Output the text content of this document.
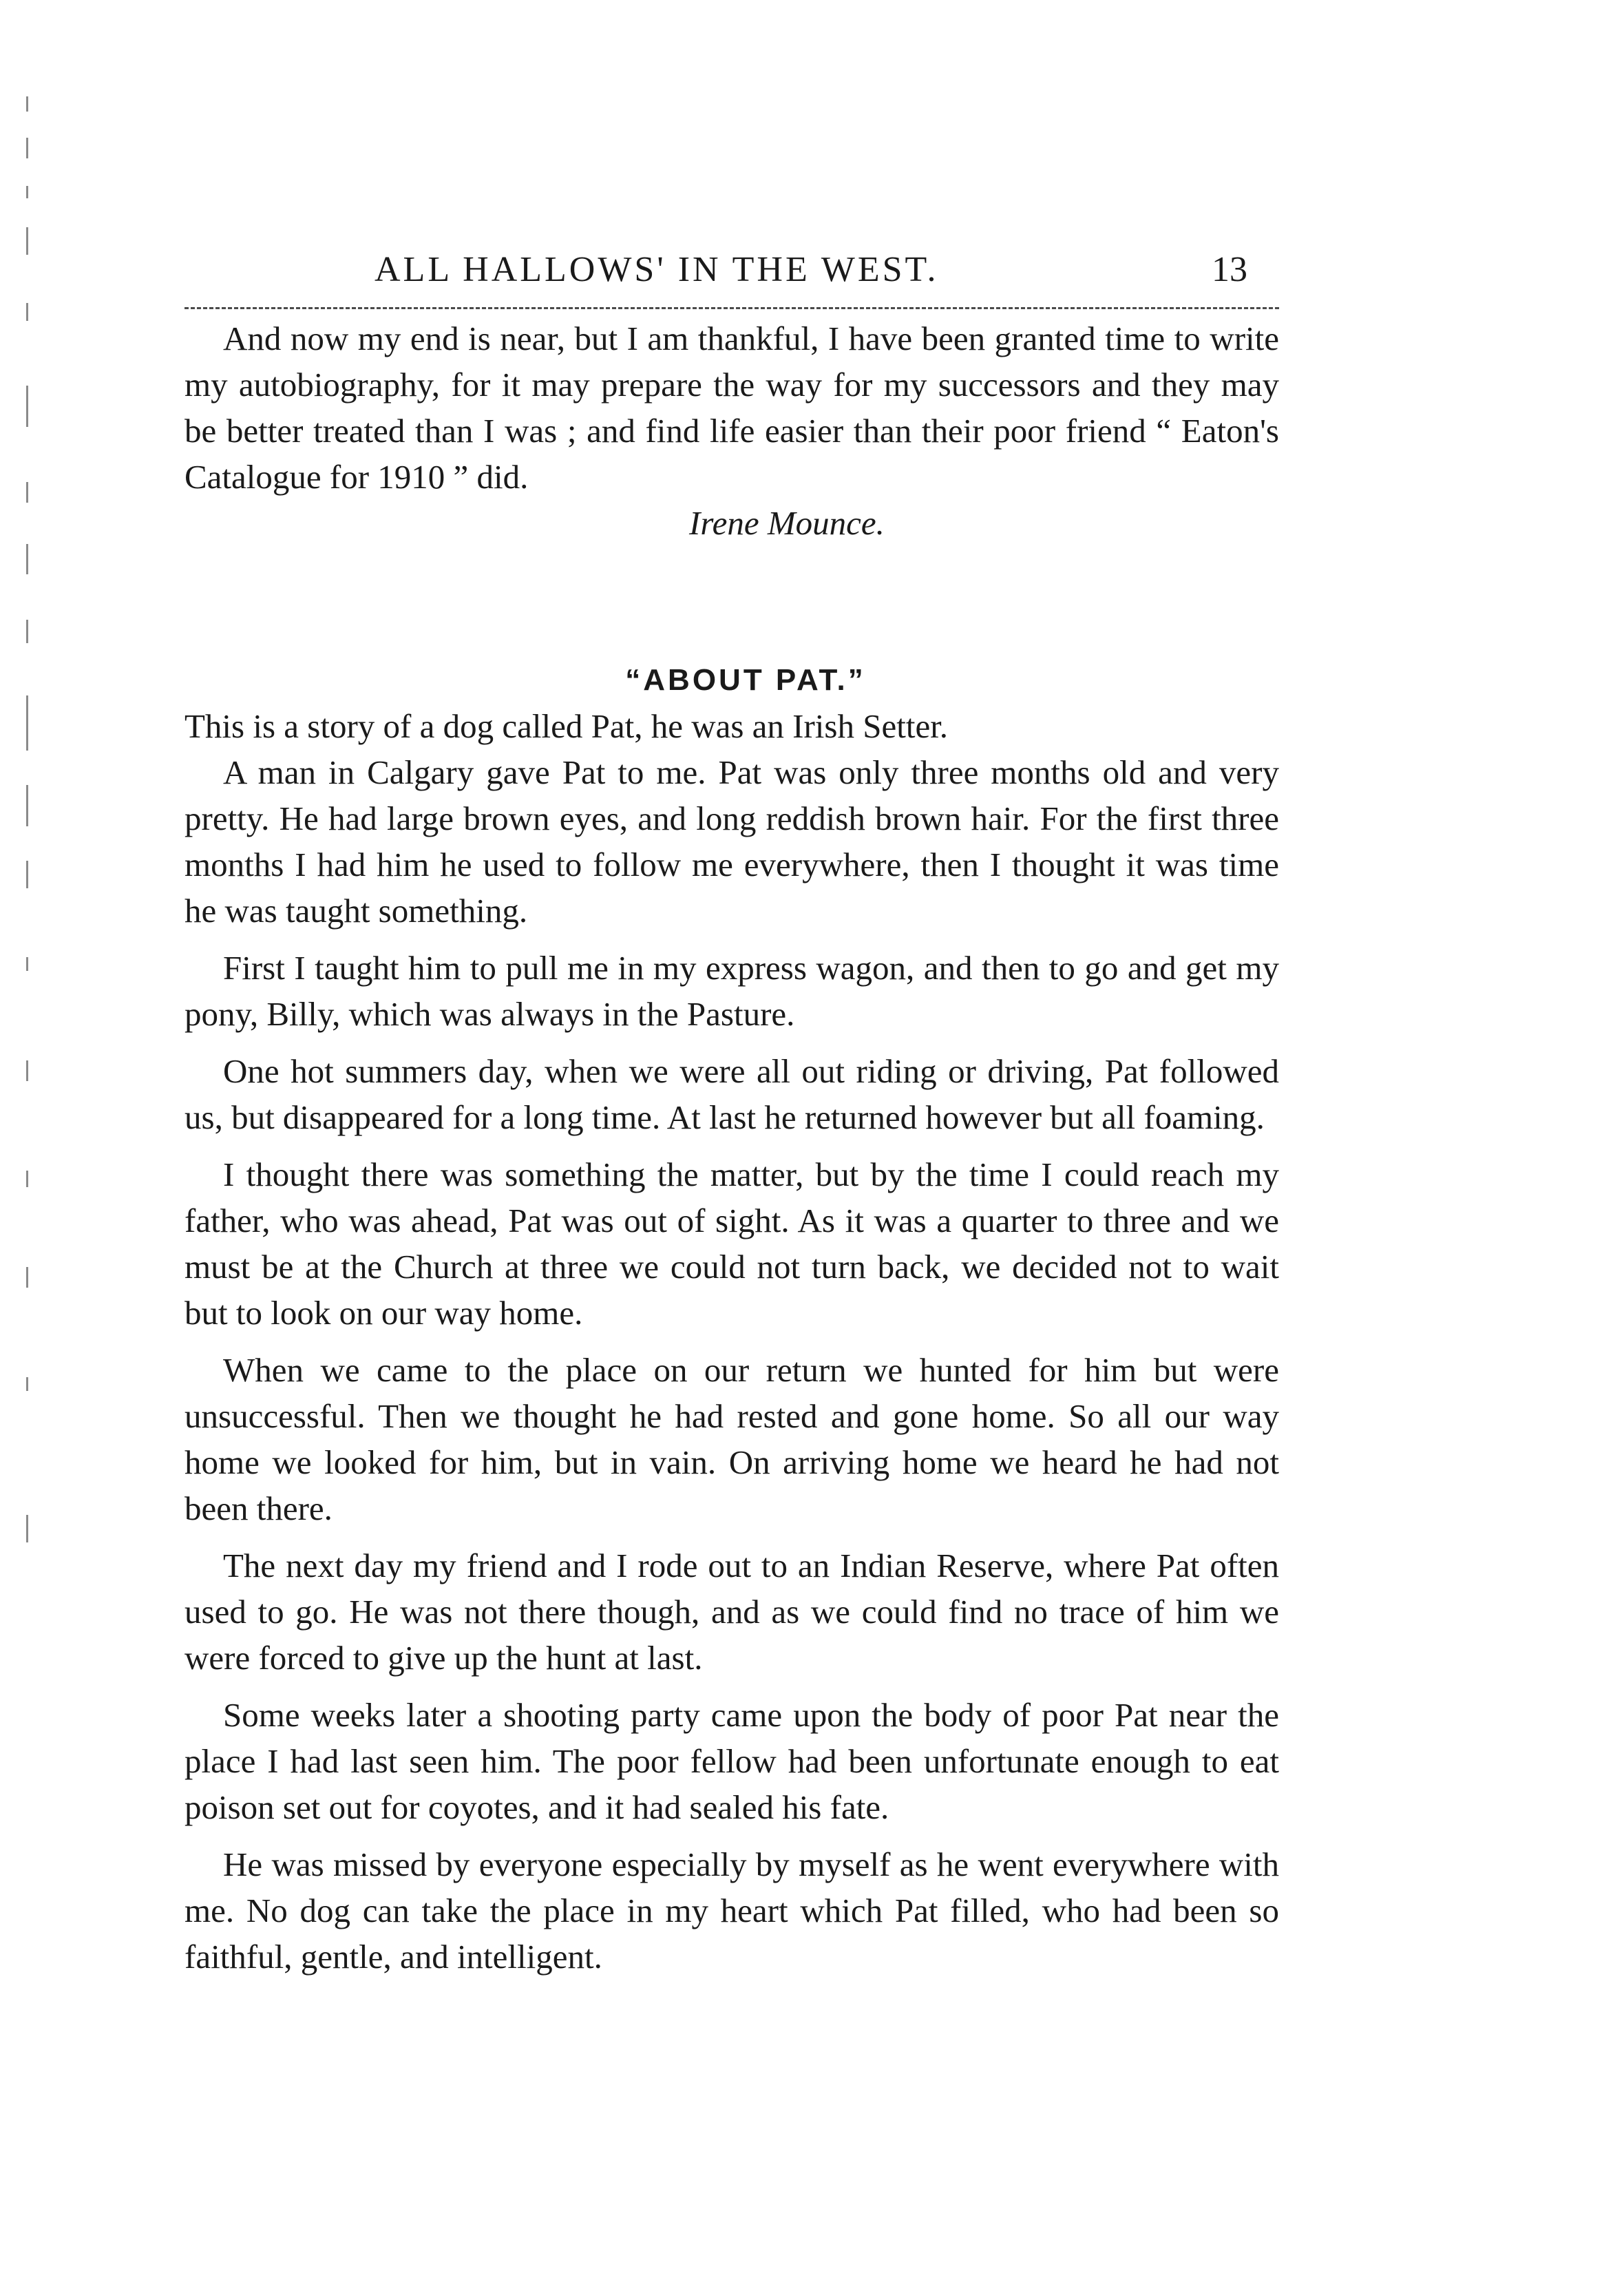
ALL HALLOWS' IN THE WEST.	13

And now my end is near, but I am thankful, I have been granted time to write my autobiography, for it may prepare the way for my successors and they may be better treated than I was ; and find life easier than their poor friend “ Eaton's Catalogue for 1910 ” did.

Irene Mounce.

“ABOUT PAT.”

This is a story of a dog called Pat, he was an Irish Setter.

A man in Calgary gave Pat to me. Pat was only three months old and very pretty. He had large brown eyes, and long reddish brown hair. For the first three months I had him he used to follow me everywhere, then I thought it was time he was taught something.

First I taught him to pull me in my express wagon, and then to go and get my pony, Billy, which was always in the Pasture.

One hot summers day, when we were all out riding or driving, Pat followed us, but disappeared for a long time. At last he returned however but all foaming.

I thought there was something the matter, but by the time I could reach my father, who was ahead, Pat was out of sight. As it was a quarter to three and we must be at the Church at three we could not turn back, we decided not to wait but to look on our way home.

When we came to the place on our return we hunted for him but were unsuccessful. Then we thought he had rested and gone home. So all our way home we looked for him, but in vain. On arriving home we heard he had not been there.

The next day my friend and I rode out to an Indian Reserve, where Pat often used to go. He was not there though, and as we could find no trace of him we were forced to give up the hunt at last.

Some weeks later a shooting party came upon the body of poor Pat near the place I had last seen him. The poor fellow had been unfortunate enough to eat poison set out for coyotes, and it had sealed his fate.

He was missed by everyone especially by myself as he went everywhere with me. No dog can take the place in my heart which Pat filled, who had been so faithful, gentle, and intelligent.
